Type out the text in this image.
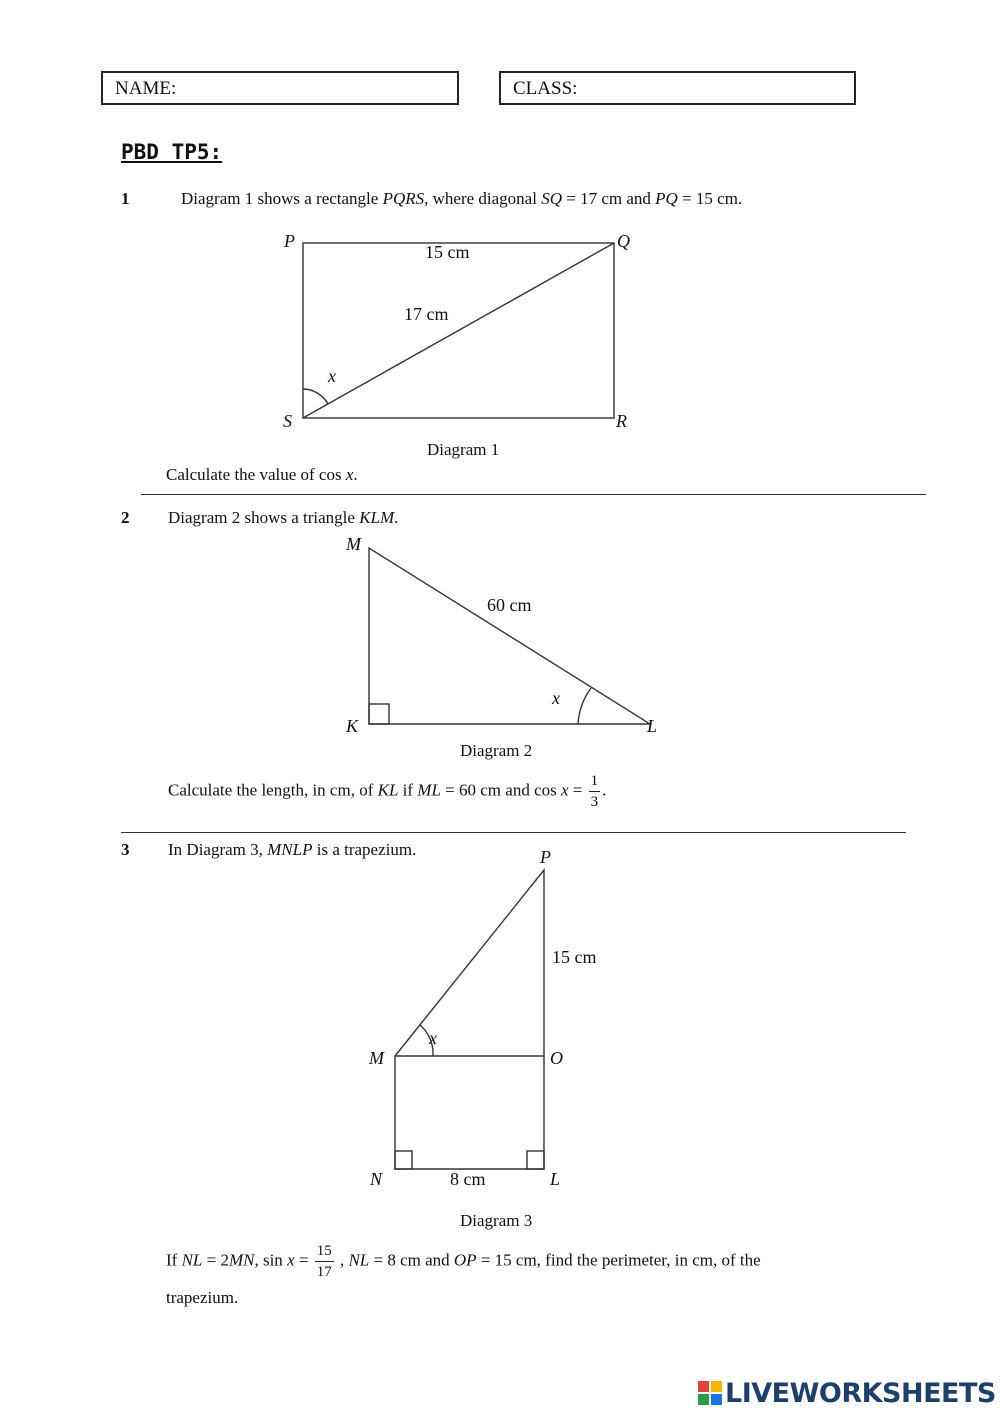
NAME:	CLASS:
PBD TP5:
1	Diagram 1 shows a rectangle PQRS, where diagonal SQ = 17 cm and PQ = 15 cm.
P	Q
R
S
x
15 cm
17 cm
M
K	L
x
60 cm
P
M	O
N	L
x
15 cm
8 cm
Diagram 1
Calculate the value of cos x.
2 Diagram 2 shows a triangle KLM.
Diagram 2
Calculate the length, in cm, of KL if ML = 60 cm and $\cos x = \frac{1}{3}$ .
3 In Diagram 3, MNLP is a trapezium.
Diagram 3
If NL = 2MN, $\sin x = \frac{15}{17}$ , NL = 8 cm and OP = 15 cm, find the perimeter, in cm, of the
trapezium.
LIVEWORKSHEETS
